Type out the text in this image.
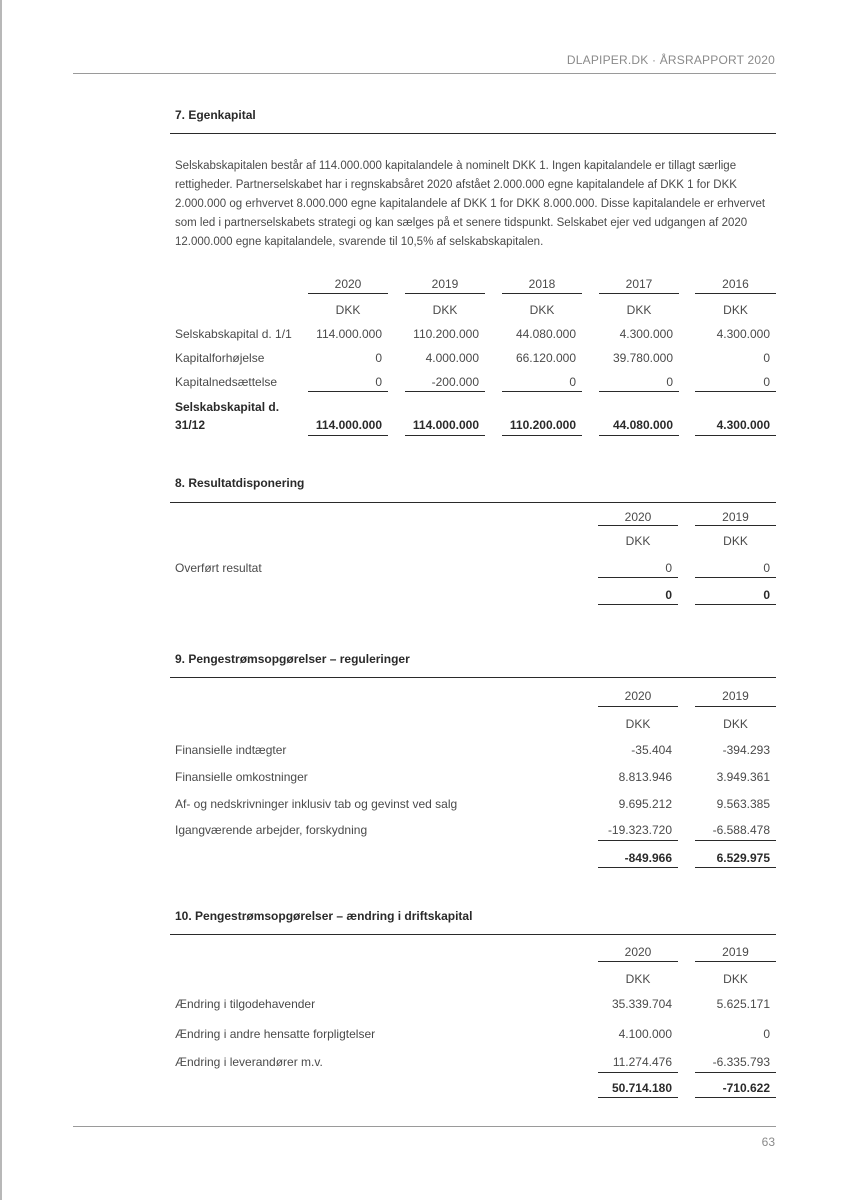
DLAPIPER.DK · ÅRSRAPPORT 2020
7. Egenkapital
Selskabskapitalen består af 114.000.000 kapitalandele à nominelt DKK 1. Ingen kapitalandele er tillagt særlige rettigheder. Partnerselskabet har i regnskabsåret 2020 afstået 2.000.000 egne kapitalandele af DKK 1 for DKK 2.000.000 og erhvervet 8.000.000 egne kapitalandele af DKK 1 for DKK 8.000.000. Disse kapitalandele er erhvervet som led i partnerselskabets strategi og kan sælges på et senere tidspunkt. Selskabet ejer ved udgangen af 2020 12.000.000 egne kapitalandele, svarende til 10,5% af selskabskapitalen.
2020	2019	2018	2017	2016
DKK	DKK	DKK	DKK	DKK
Selskabskapital d. 1/1	114.000.000	110.200.000	44.080.000	4.300.000	4.300.000
Kapitalforhøjelse	0	4.000.000	66.120.000	39.780.000	0
Kapitalnedsættelse	0	-200.000	0	0	0
Selskabskapital d.
31/12	114.000.000	114.000.000	110.200.000	44.080.000	4.300.000
8. Resultatdisponering
2020	2019
DKK	DKK
Overført resultat	0	0
0	0
9. Pengestrømsopgørelser – reguleringer
2020	2019
DKK	DKK
Finansielle indtægter	-35.404	-394.293
Finansielle omkostninger	8.813.946	3.949.361
Af- og nedskrivninger inklusiv tab og gevinst ved salg	9.695.212	9.563.385
Igangværende arbejder, forskydning	-19.323.720	-6.588.478
-849.966	6.529.975
10. Pengestrømsopgørelser – ændring i driftskapital
2020	2019
DKK	DKK
Ændring i tilgodehavender	35.339.704	5.625.171
Ændring i andre hensatte forpligtelser	4.100.000	0
Ændring i leverandører m.v.	11.274.476	-6.335.793
50.714.180	-710.622
63
